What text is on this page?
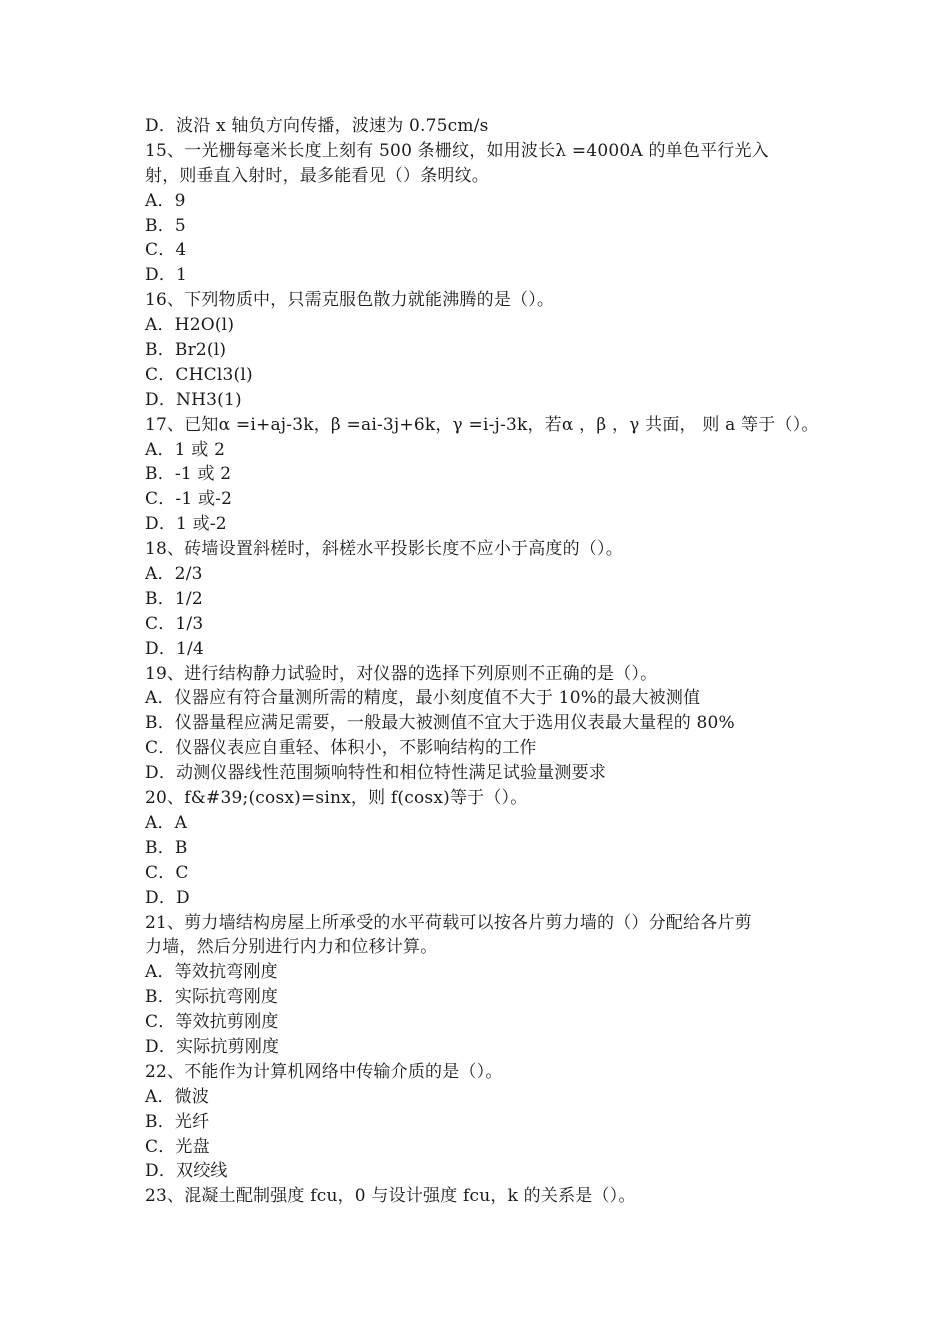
D．波沿 x 轴负方向传播，波速为 0.75cm/s
15、一光栅每毫米长度上刻有 500 条栅纹，如用波长λ =4000A 的单色平行光入
射，则垂直入射时，最多能看见（）条明纹。
A．9
B．5
C．4
D．1
16、下列物质中，只需克服色散力就能沸腾的是（）。
A．H2O(l)
B．Br2(l)
C．CHCl3(l)
D．NH3(1)
17、已知α =i+aj-3k，β =ai-3j+6k，γ =i-j-3k，若α ，β ，γ 共面， 则 a 等于（）。
A．1 或 2
B．-1 或 2
C．-1 或-2
D．1 或-2
18、砖墙设置斜槎时，斜槎水平投影长度不应小于高度的（）。
A．2/3
B．1/2
C．1/3
D．1/4
19、进行结构静力试验时，对仪器的选择下列原则不正确的是（）。
A．仪器应有符合量测所需的精度，最小刻度值不大于 10%的最大被测值
B．仪器量程应满足需要，一般最大被测值不宜大于选用仪表最大量程的 80%
C．仪器仪表应自重轻、体积小，不影响结构的工作
D．动测仪器线性范围频响特性和相位特性满足试验量测要求
20、f&#39;(cosx)=sinx，则 f(cosx)等于（）。
A．A
B．B
C．C
D．D
21、剪力墙结构房屋上所承受的水平荷载可以按各片剪力墙的（）分配给各片剪
力墙，然后分别进行内力和位移计算。
A．等效抗弯刚度
B．实际抗弯刚度
C．等效抗剪刚度
D．实际抗剪刚度
22、不能作为计算机网络中传输介质的是（）。
A．微波
B．光纤
C．光盘
D．双绞线
23、混凝土配制强度 fcu，0 与设计强度 fcu，k 的关系是（）。
